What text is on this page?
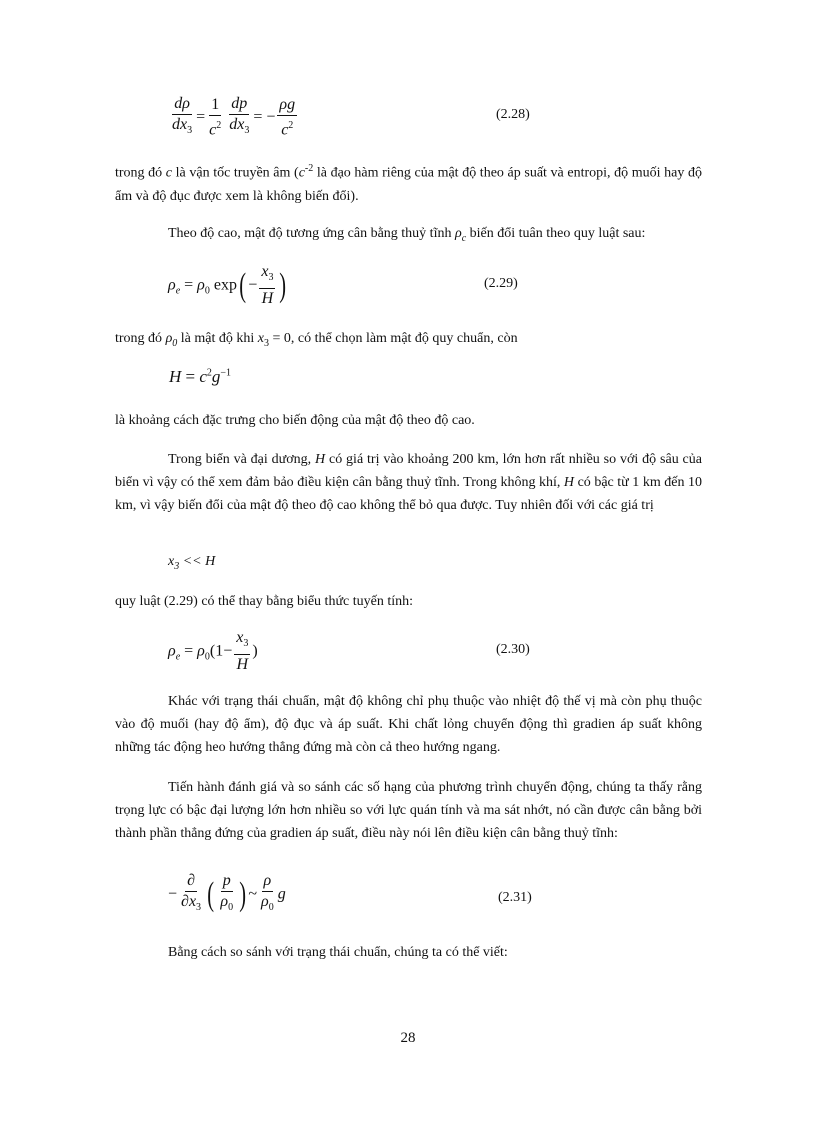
$\frac{d\rho}{dx_3} = \frac{1}{c^2} \frac{dp}{dx_3}$ = − $\frac{\rho g}{c^2}$	(2.28)
trong đó c là vận tốc truyền âm ($c^{-2}$ là đạo hàm riêng của mật độ theo áp suất và entropi, độ muối hay độ ẩm và độ đục được xem là không biến đổi).
Theo độ cao, mật độ tương ứng cân bằng thuỷ tĩnh $\rho_c$ biến đổi tuân theo quy luật sau:
$\rho_e = \rho_0$ $\exp( - \frac{x_3}{H}$ )	(2.29)
trong đó $\rho_0$ là mật độ khi $x_3 = 0$, có thể chọn làm mật độ quy chuẩn, còn
$H = c^2g^{-1}$
là khoảng cách đặc trưng cho biến động của mật độ theo độ cao.
Trong biển và đại dương, H có giá trị vào khoảng 200 km, lớn hơn rất nhiều so với độ sâu của biển vì vậy có thể xem đảm bảo điều kiện cân bằng thuỷ tĩnh. Trong không khí, H có bậc từ 1 km đến 10 km, vì vậy biến đổi của mật độ theo độ cao không thể bỏ qua được. Tuy nhiên đối với các giá trị
$x_3 << H$
quy luật (2.29) có thể thay bằng biểu thức tuyến tính:
$\rho_e = \rho_0(1- \frac{x_3}{H}$ )	(2.30)
Khác với trạng thái chuẩn, mật độ không chỉ phụ thuộc vào nhiệt độ thế vị mà còn phụ thuộc vào độ muối (hay độ ẩm), độ đục và áp suất. Khi chất lỏng chuyển động thì gradien áp suất không những tác động heo hướng thẳng đứng mà còn cả theo hướng ngang.
Tiến hành đánh giá và so sánh các số hạng của phương trình chuyển động, chúng ta thấy rằng trọng lực có bậc đại lượng lớn hơn nhiều so với lực quán tính và ma sát nhớt, nó cần được cân bằng bởi thành phần thẳng đứng của gradien áp suất, điều này nói lên điều kiện cân bằng thuỷ tĩnh:
− $\frac{\partial}{\partial x_3}$ ( $\frac{p}{\rho_0}$ ) ~ $\frac{\rho}{\rho_0}$ g	(2.31)
Bằng cách so sánh với trạng thái chuẩn, chúng ta có thể viết:
28
